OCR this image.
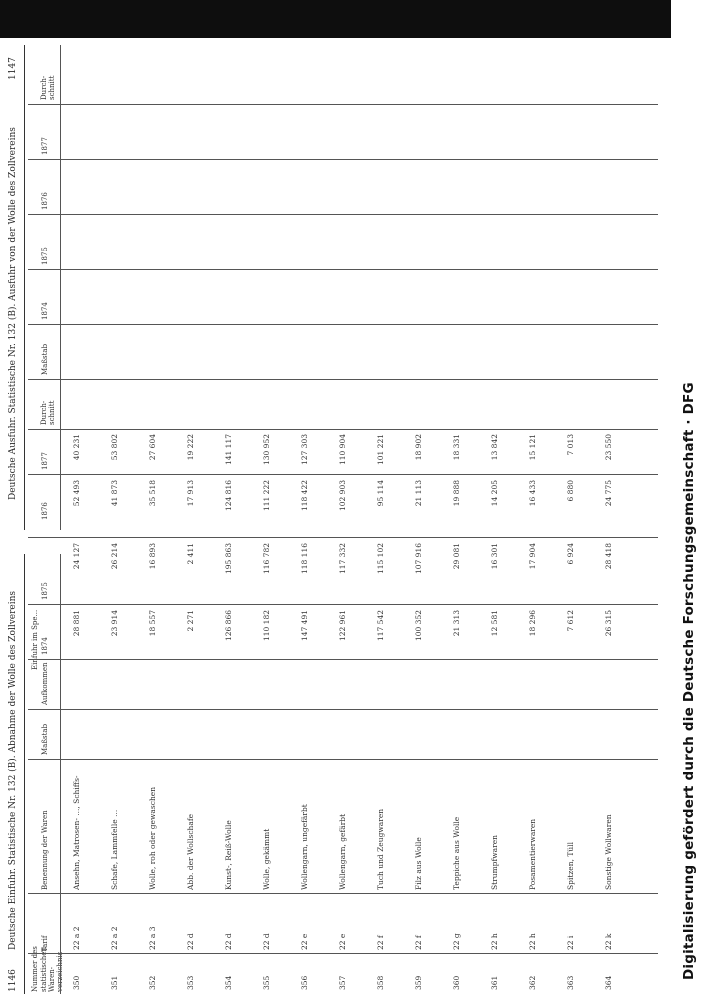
1146
Deutsche Einfuhr. Statistische Nr. 132 (B). Abnahme der Wolle des Zollvereins
Deutsche Ausfuhr. Statistische Nr. 132 (B). Ausfuhr von der Wolle des Zollvereins
1147
Nummer des statistischen Waren-verzeichnis
Tarif
Benennung der Waren
Maßstab
Aufkommen
1874
1875
Einfuhr im Spe...
1876
1877
Durch-schnitt
Maßstab
1874
1875
1876
1877
Durch-schnitt
350
22 a 2
Ansehn, Matrosen- ..., Schiffs-
28 881
24 127
52 493
40 231
351
22 a 2
Schafe, Lammfelle ...
23 914
26 214
41 873
53 802
352
22 a 3
Wolle, roh oder gewaschen
18 557
16 893
35 518
27 604
353
22 d
Abb. der Wollschafe
2 271
2 411
17 913
19 222
354
22 d
Kunst-, Reiß-Wolle
126 866
195 863
124 816
141 117
355
22 d
Wolle, gekämmt
110 182
116 782
111 222
130 952
356
22 e
Wollengarn, ungefärbt
147 491
118 116
118 422
127 303
357
22 e
Wollengarn, gefärbt
122 961
117 332
102 903
110 904
358
22 f
Tuch und Zeugwaren
117 542
115 102
95 114
101 221
359
22 f
Filz aus Wolle
100 352
107 916
21 113
18 902
360
22 g
Teppiche aus Wolle
21 313
29 081
19 888
18 331
361
22 h
Strumpfwaren
12 581
16 301
14 205
13 842
362
22 h
Posamentierwaren
18 296
17 904
16 433
15 121
363
22 i
Spitzen, Tüll
7 612
6 924
6 880
7 013
364
22 k
Sonstige Wollwaren
26 315
28 418
24 775
23 550	Digitalisierung gefördert durch die Deutsche Forschungsgemeinschaft · DFG
